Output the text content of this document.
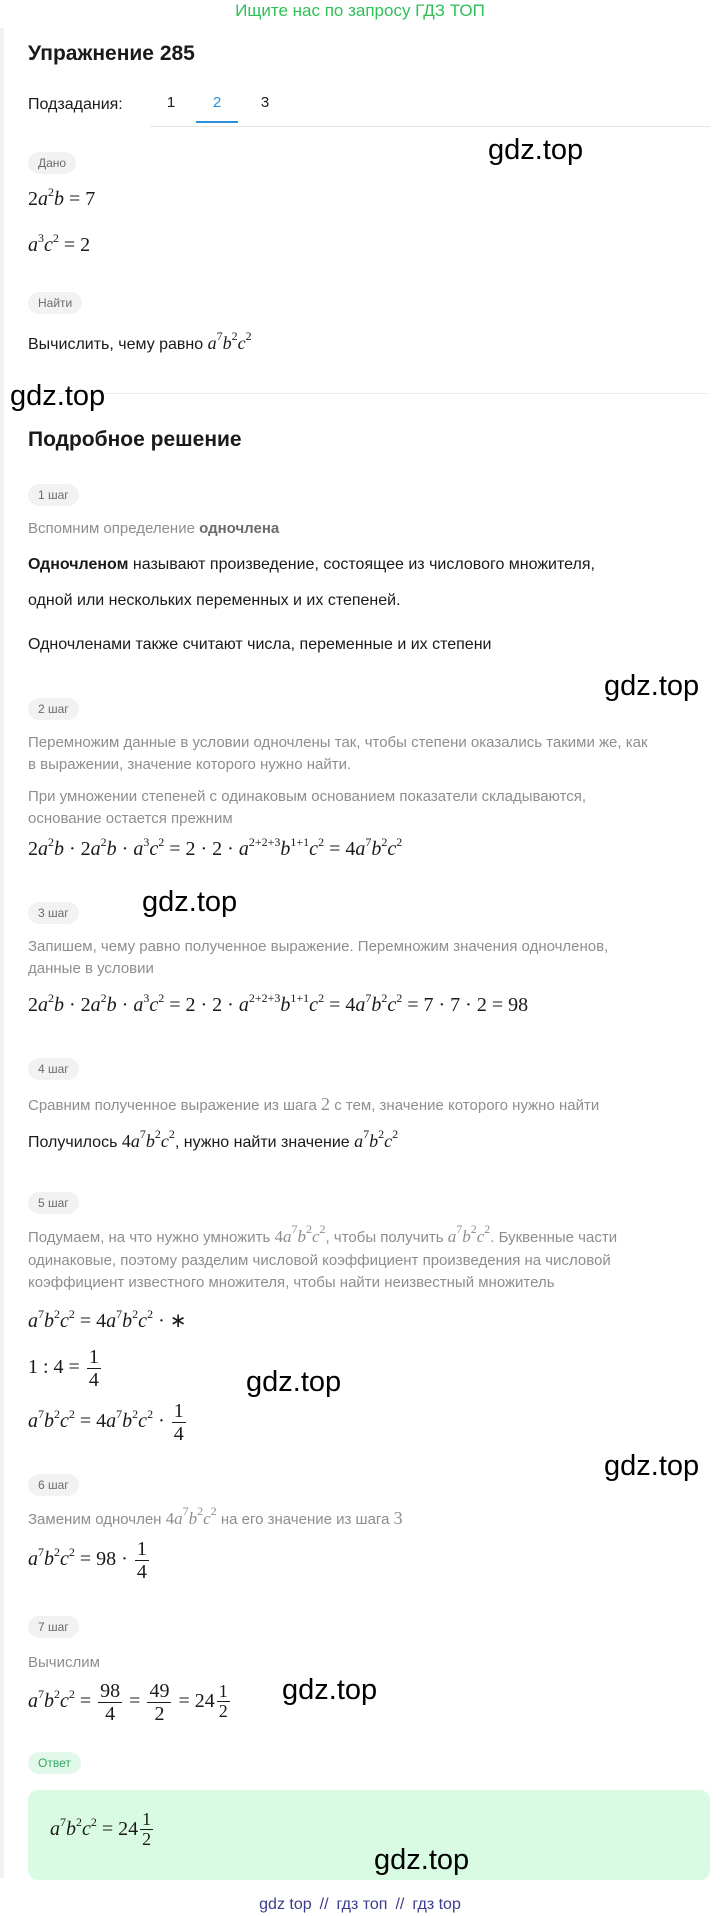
Ищите нас по запросу ГДЗ ТОП
Упражнение 285
Подзадания:	1	2	3
Дано
$2a^2b = 7$
$a^3c^2 = 2$
Найти
Вычислить, чему равно $a^7b^2c^2$
Подробное решение
1 шаг
Вспомним определение одночлена
Одночленом называют произведение, состоящее из числового множителя,
одной или нескольких переменных и их степеней.
Одночленами также считают числа, переменные и их степени
2 шаг
Перемножим данные в условии одночлены так, чтобы степени оказались такими же, как
в выражении, значение которого нужно найти.
При умножении степеней с одинаковым основанием показатели складываются,
основание остается прежним
$2a^2b \cdot 2a^2b \cdot a^3c^2 = 2 \cdot 2 \cdot a^{2+2+3}b^{1+1}c^2 = 4a^7b^2c^2$
3 шаг
Запишем, чему равно полученное выражение. Перемножим значения одночленов,
данные в условии
$2a^2b \cdot 2a^2b \cdot a^3c^2 = 2 \cdot 2 \cdot a^{2+2+3}b^{1+1}c^2 = 4a^7b^2c^2 = 7 \cdot 7 \cdot 2 = 98$
4 шаг
Сравним полученное выражение из шага 2 с тем, значение которого нужно найти
Получилось $4a^7b^2c^2$, нужно найти значение $a^7b^2c^2$
5 шаг
Подумаем, на что нужно умножить $4a^7b^2c^2$, чтобы получить $a^7b^2c^2$. Буквенные части
одинаковые, поэтому разделим числовой коэффициент произведения на числовой
коэффициент известного множителя, чтобы найти неизвестный множитель
$a^7b^2c^2 = 4a^7b^2c^2$ · ∗
1 : $4 = \frac{1}{4}$
$a^7b^2c^2 = 4a^7b^2c^2 \cdot \frac{1}{4}$
6 шаг
Заменим одночлен $4a^7b^2c^2$ на его значение из шага 3
$a^7b^2c^2 = 98 \cdot \frac{1}{4}$
7 шаг
Вычислим
$a^7b^2c^2 = \frac{98}{4} = \frac{49}{2} = 24 \frac{1}{2}$
Ответ
$a^7b^2c^2 = 24 \frac{1}{2}$
gdz.top
gdz.top
gdz.top
gdz.top
gdz.top
gdz.top
gdz.top
gdz.top
gdz top // гдз топ // гдз top
